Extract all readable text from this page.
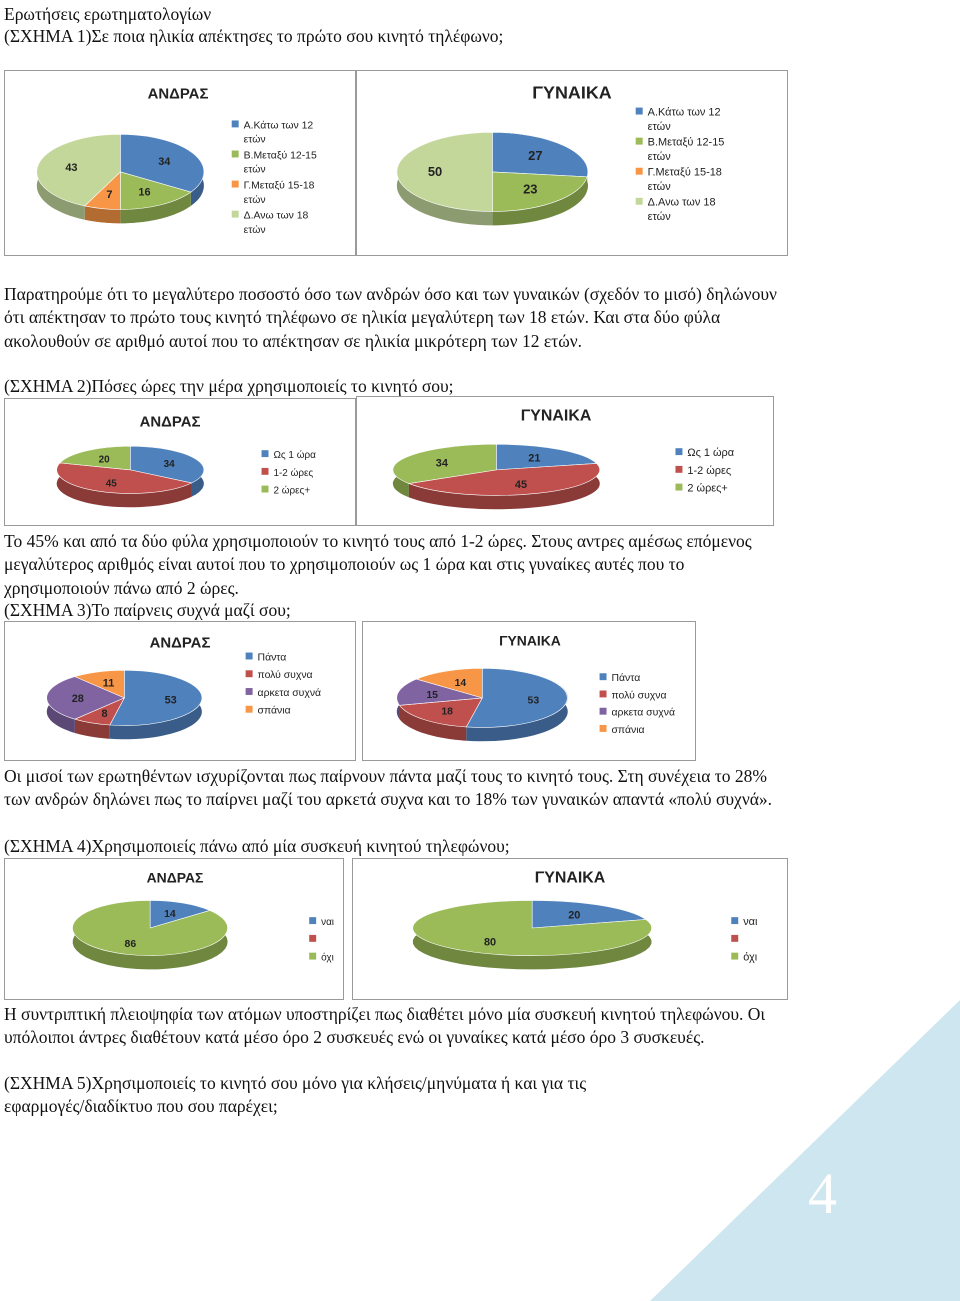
4
Ερωτήσεις ερωτηματολογίων
(ΣΧΗΜΑ 1)Σε ποια ηλικία απέκτησες το πρώτο σου κινητό τηλέφωνο;
34
16
7
43
ΑΝΔΡΑΣ
Α.Κάτω των 12
ετών
Β.Μεταξύ 12-15
ετών
Γ.Μεταξύ 15-18
ετών
Δ.Ανω των 18
ετών
27
23
50
ΓΥΝΑΙΚΑ
Α.Κάτω των 12
ετών
Β.Μεταξύ 12-15
ετών
Γ.Μεταξύ 15-18
ετών
Δ.Ανω των 18
ετών
Παρατηρούμε ότι το μεγαλύτερο ποσοστό όσο των ανδρών όσο και των γυναικών (σχεδόν το μισό) δηλώνουν ότι απέκτησαν το πρώτο τους κινητό τηλέφωνο σε ηλικία μεγαλύτερη των 18 ετών. Και στα δύο φύλα ακολουθούν σε αριθμό αυτοί που το απέκτησαν σε ηλικία μικρότερη των 12 ετών.
(ΣΧΗΜΑ 2)Πόσες ώρες την μέρα χρησιμοποιείς το κινητό σου;
34
45
20
ΑΝΔΡΑΣ
Ως 1 ώρα
1-2 ώρες
2 ώρες+
21
45
34
ΓΥΝΑΙΚΑ
Ως 1 ώρα
1-2 ώρες
2 ώρες+
Το 45% και από τα δύο φύλα χρησιμοποιούν το κινητό τους από 1-2 ώρες. Στους αντρες αμέσως επόμενος μεγαλύτερος αριθμός είναι αυτοί που το χρησιμοποιούν ως 1 ώρα και στις γυναίκες αυτές που το χρησιμοποιούν πάνω από 2 ώρες.
(ΣΧΗΜΑ 3)Το παίρνεις συχνά μαζί σου;
53
8
28
11
ΑΝΔΡΑΣ
Πάντα
πολύ συχνα
αρκετα συχνά
σπάνια
53
18
15
14
ΓΥΝΑΙΚΑ
Πάντα
πολύ συχνα
αρκετα συχνά
σπάνια
Οι μισοί των ερωτηθέντων ισχυρίζονται πως παίρνουν πάντα μαζί τους το κινητό τους. Στη συνέχεια το 28% των ανδρών δηλώνει πως το παίρνει μαζί του αρκετά συχνα και το 18% των γυναικών απαντά «πολύ συχνά».
(ΣΧΗΜΑ 4)Χρησιμοποιείς πάνω από μία συσκευή κινητού τηλεφώνου;
14
86
ΑΝΔΡΑΣ
ναι
όχι
20
80
ΓΥΝΑΙΚΑ
ναι
όχι
Η συντριπτική πλειοψηφία των ατόμων υποστηρίζει πως διαθέτει μόνο μία συσκευή κινητού τηλεφώνου. Οι υπόλοιποι άντρες διαθέτουν κατά μέσο όρο 2 συσκευές ενώ οι γυναίκες κατά μέσο όρο 3 συσκευές.
(ΣΧΗΜΑ 5)Χρησιμοποιείς το κινητό σου μόνο για κλήσεις/μηνύματα ή και για τις
εφαρμογές/διαδίκτυο που σου παρέχει;
